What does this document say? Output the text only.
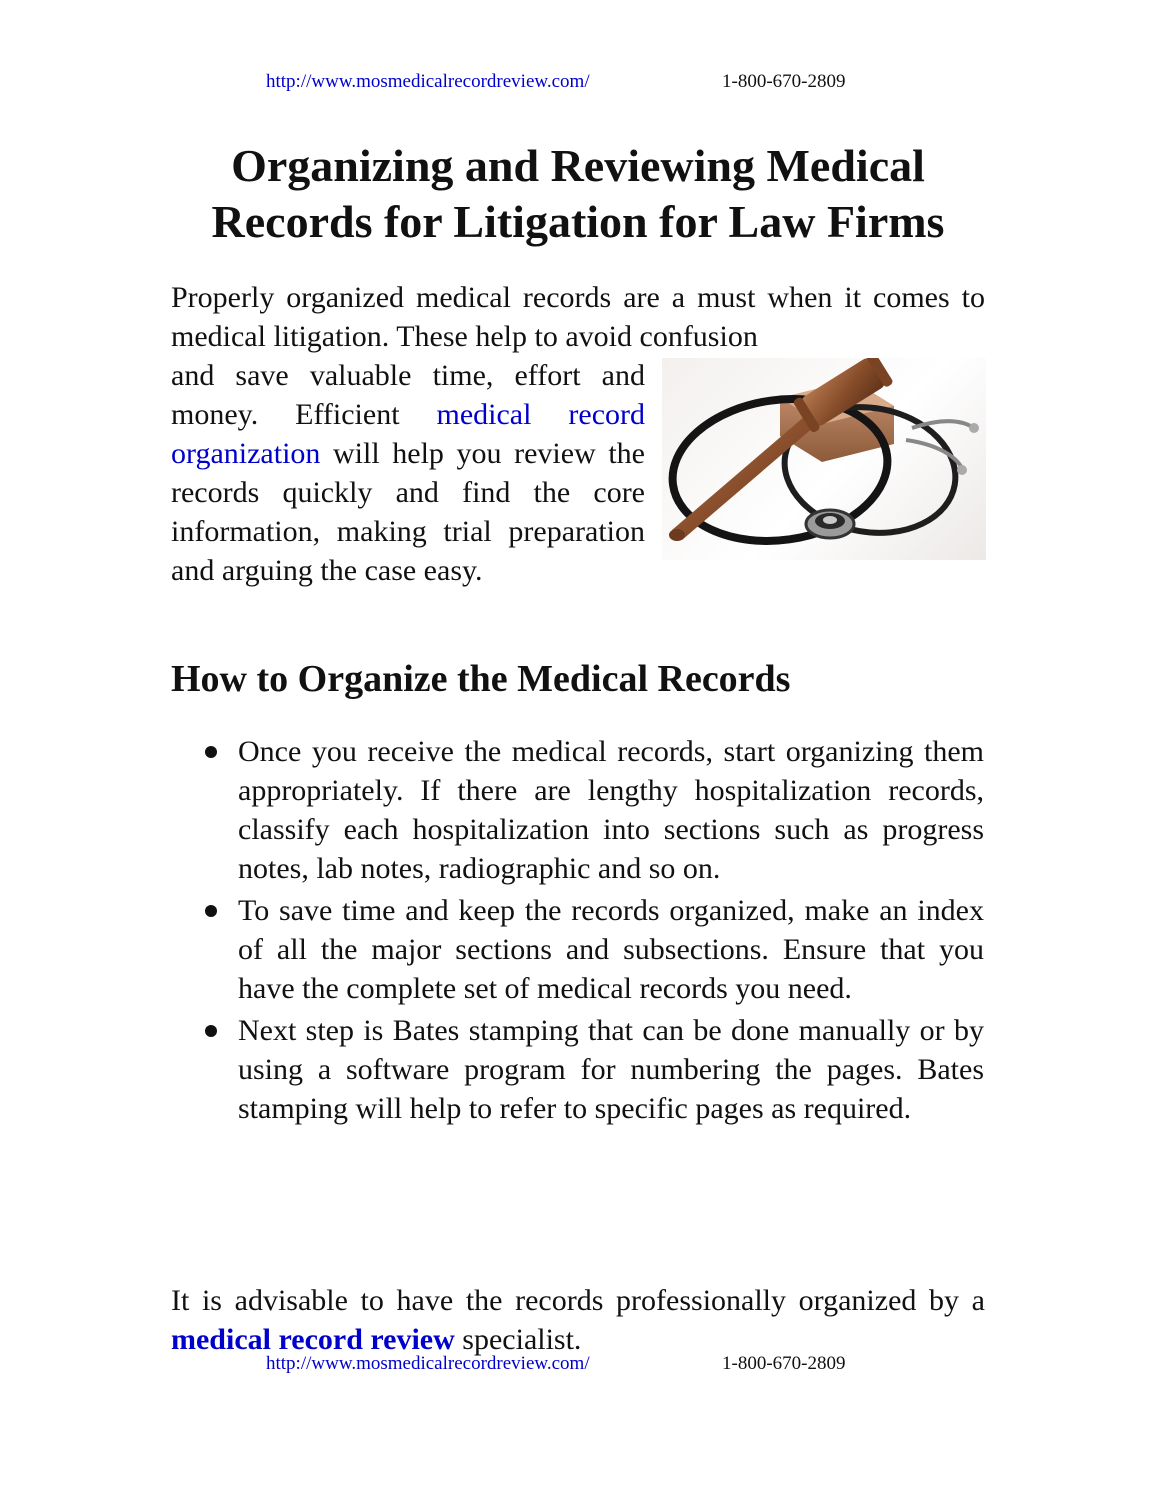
http://www.mosmedicalrecordreview.com/	1-800-670-2809
Organizing and Reviewing Medical
Records for Litigation for Law Firms

Properly organized medical records are a must when it comes to medical litigation. These help to avoid confusion

and save valuable time, effort and money. Efficient medical record organization will help you review the records quickly and find the core information, making trial preparation and arguing the case easy.

How to Organize the Medical Records
Once you receive the medical records, start organizing them appropriately. If there are lengthy hospitalization records, classify each hospitalization into sections such as progress notes, lab notes, radiographic and so on.
To save time and keep the records organized, make an index of all the major sections and subsections. Ensure that you have the complete set of medical records you need.
Next step is Bates stamping that can be done manually or by using a software program for numbering the pages. Bates stamping will help to refer to specific pages as required.

It is advisable to have the records professionally organized by a medical record review specialist.

http://www.mosmedicalrecordreview.com/	1-800-670-2809
